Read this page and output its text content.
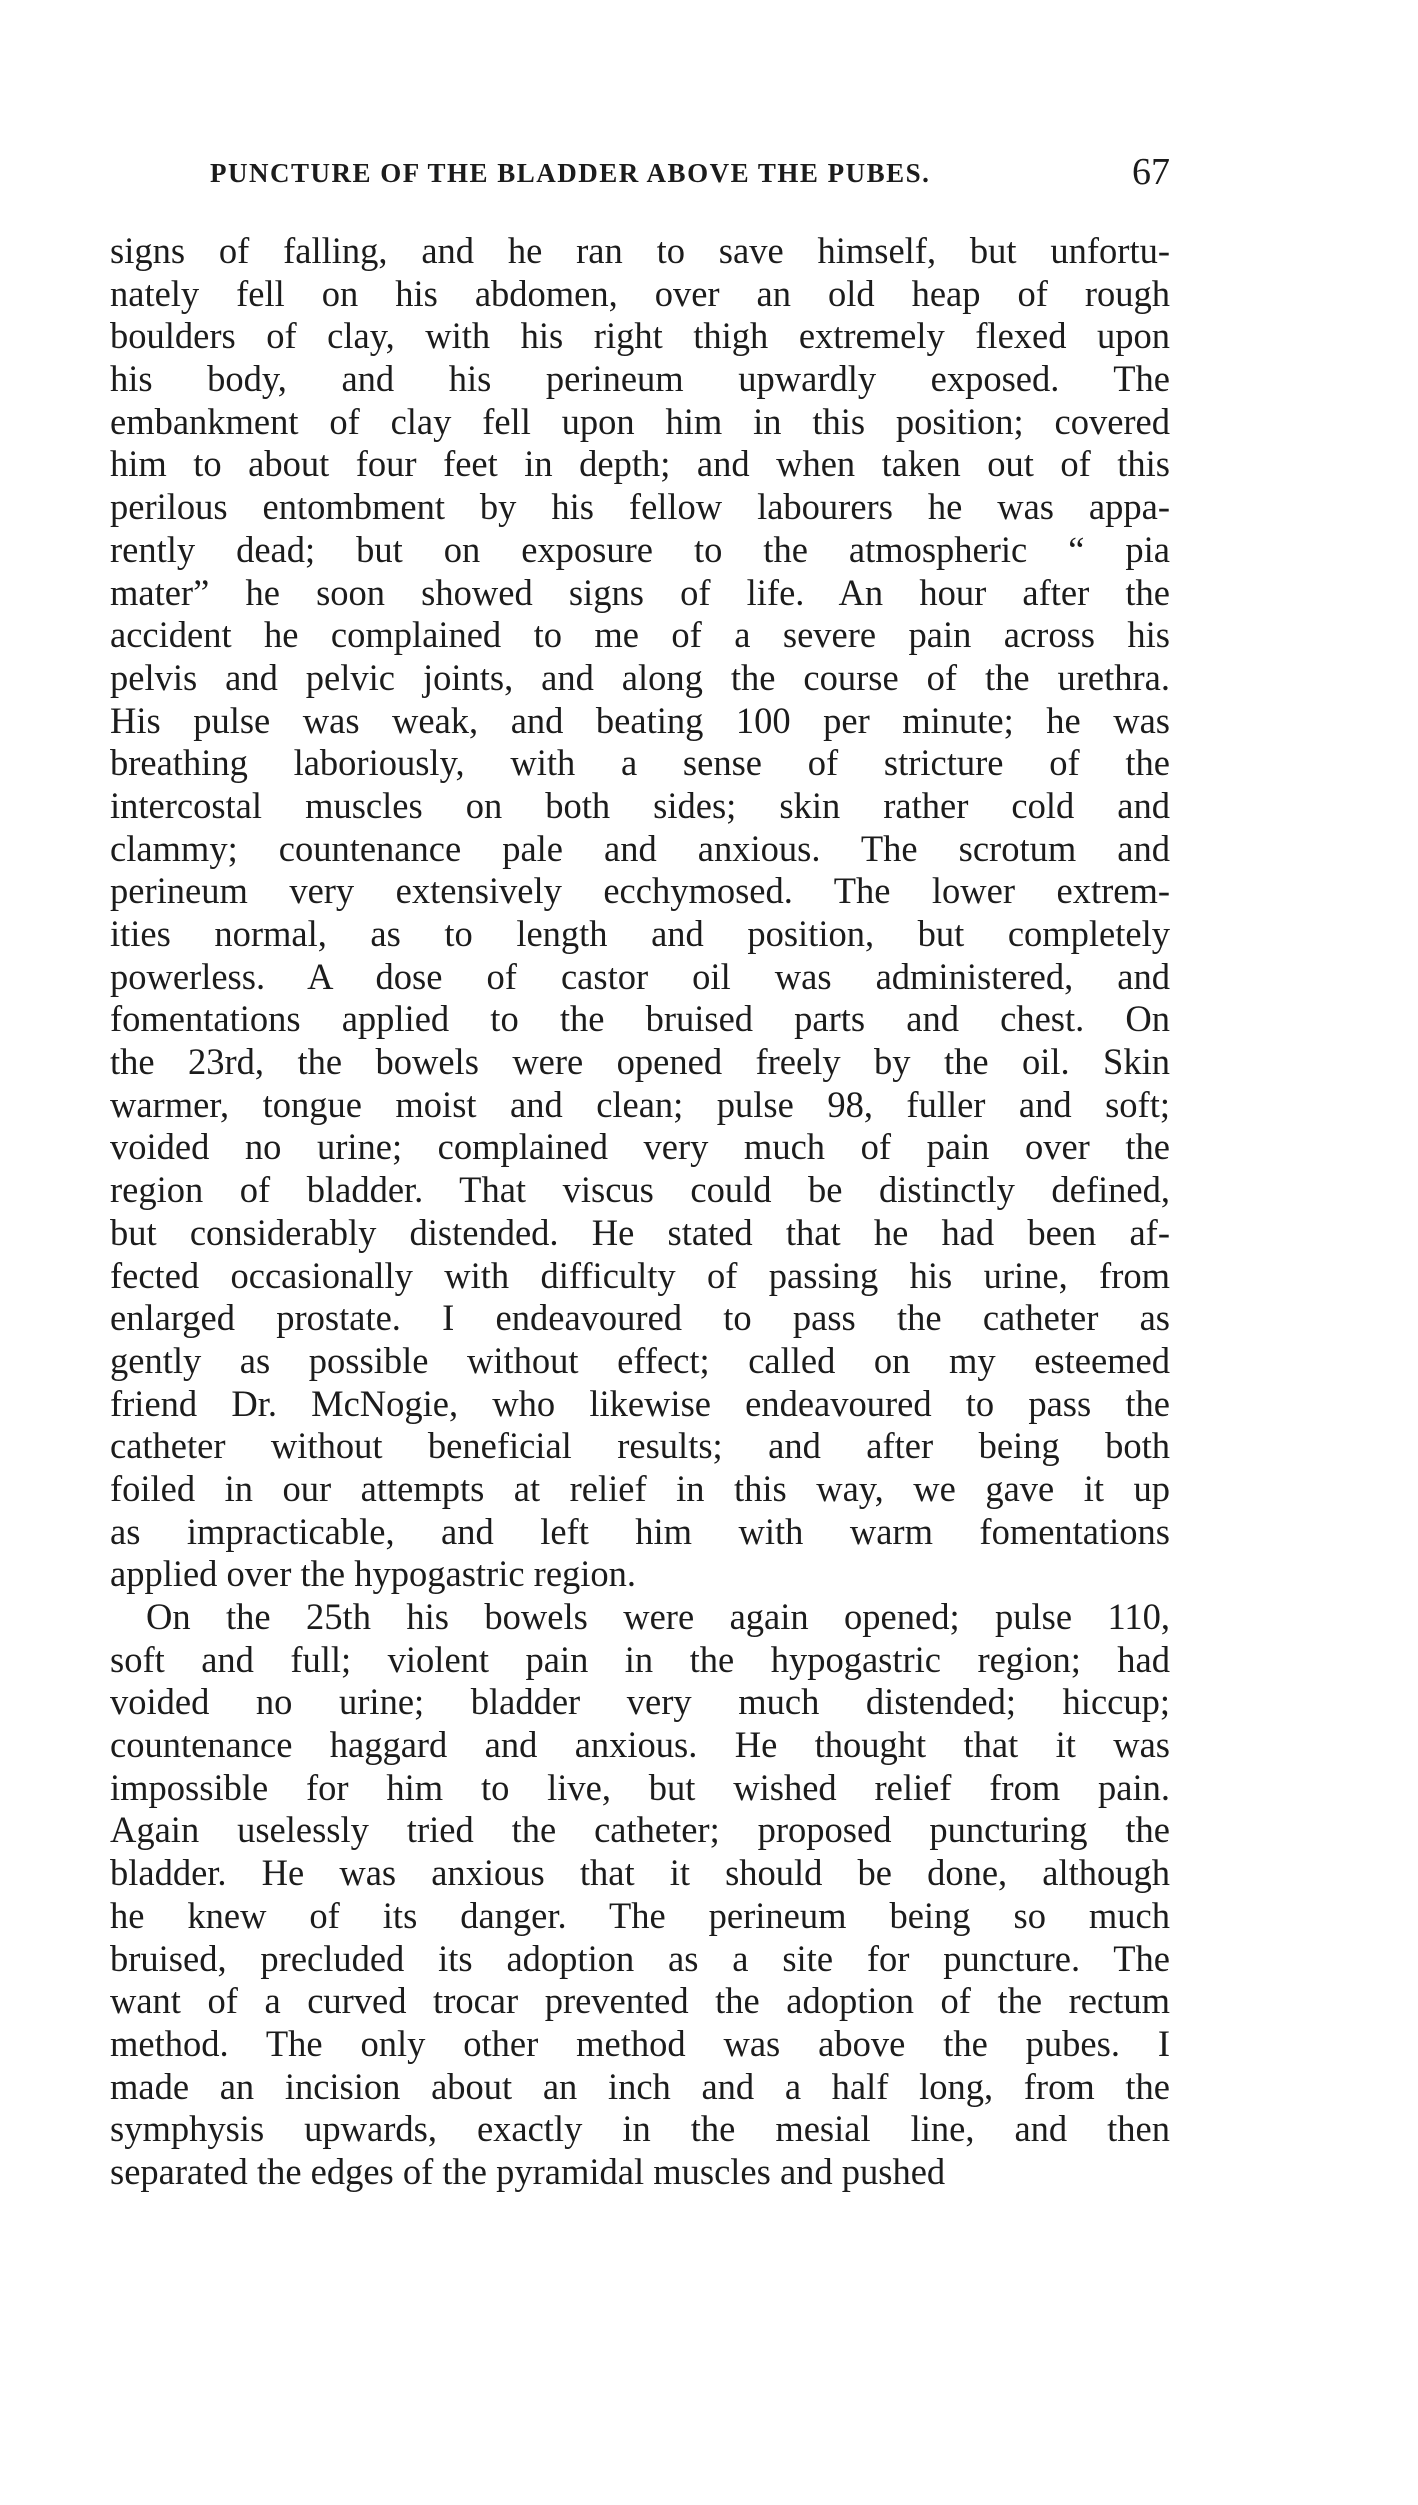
PUNCTURE OF THE BLADDER ABOVE THE PUBES.	67
signs of falling, and he ran to save himself, but unfortu-
nately fell on his abdomen, over an old heap of rough
boulders of clay, with his right thigh extremely flexed upon
his body, and his perineum upwardly exposed. The
embankment of clay fell upon him in this position; covered
him to about four feet in depth; and when taken out of this
perilous entombment by his fellow labourers he was appa-
rently dead; but on exposure to the atmospheric “ pia
mater” he soon showed signs of life. An hour after the
accident he complained to me of a severe pain across his
pelvis and pelvic joints, and along the course of the urethra.
His pulse was weak, and beating 100 per minute; he was
breathing laboriously, with a sense of stricture of the
intercostal muscles on both sides; skin rather cold and
clammy; countenance pale and anxious. The scrotum and
perineum very extensively ecchymosed. The lower extrem-
ities normal, as to length and position, but completely
powerless. A dose of castor oil was administered, and
fomentations applied to the bruised parts and chest. On
the 23rd, the bowels were opened freely by the oil. Skin
warmer, tongue moist and clean; pulse 98, fuller and soft;
voided no urine; complained very much of pain over the
region of bladder. That viscus could be distinctly defined,
but considerably distended. He stated that he had been af-
fected occasionally with difficulty of passing his urine, from
enlarged prostate. I endeavoured to pass the catheter as
gently as possible without effect; called on my esteemed
friend Dr. McNogie, who likewise endeavoured to pass the
catheter without beneficial results; and after being both
foiled in our attempts at relief in this way, we gave it up
as impracticable, and left him with warm fomentations
applied over the hypogastric region.
On the 25th his bowels were again opened; pulse 110,
soft and full; violent pain in the hypogastric region; had
voided no urine; bladder very much distended; hiccup;
countenance haggard and anxious. He thought that it was
impossible for him to live, but wished relief from pain.
Again uselessly tried the catheter; proposed puncturing the
bladder. He was anxious that it should be done, although
he knew of its danger. The perineum being so much
bruised, precluded its adoption as a site for puncture. The
want of a curved trocar prevented the adoption of the rectum
method. The only other method was above the pubes. I
made an incision about an inch and a half long, from the
symphysis upwards, exactly in the mesial line, and then
separated the edges of the pyramidal muscles and pushed
